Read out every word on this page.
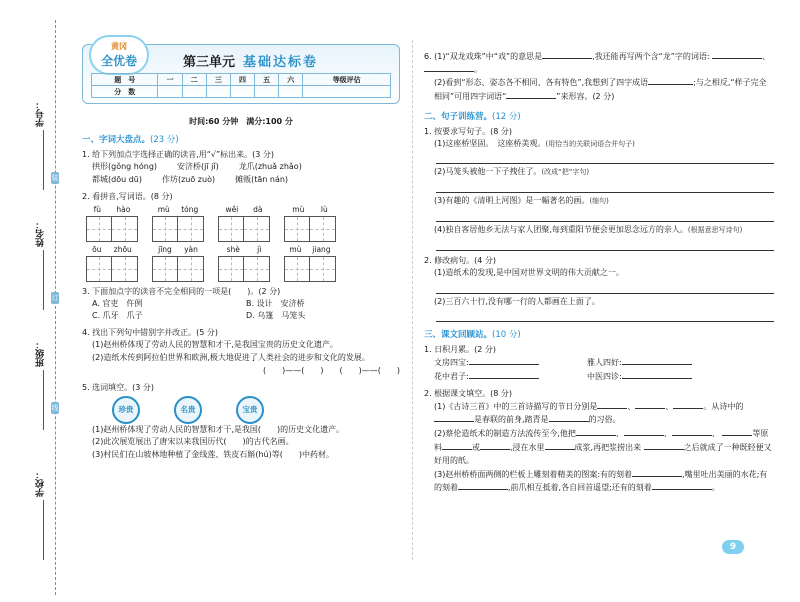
学号：
姓名：
班级：
学校：
装
订
线
黄冈
全优卷	第三单元 基础达标卷
题　号	一	二	三	四	五	六	等级评估
分　数							
时间:60 分钟　满分:100 分
一、字词大盘点。(23 分)
1. 给下列加点字选择正确的读音,用“√”标出来。(3 分)
拱形(gǒng hóng)	安济桥(jī jǐ)	龙爪(zhuǎ zhǎo)
都城(dōu dū)	作坊(zuō zuò)	摊贩(tān nán)
2. 看拼音,写词语。(8 分)
fù hào	mù tóng	wěi dà	mù lù
ōu zhōu	jīng yàn	shè jì	mù jiang
3. 下面加点字的读音不完全相同的一项是(　　)。(2 分)
A. 官吏　仵例	B. 设计　安济桥
C. 爪牙　爪子	D. 乌篷　马笼头
4. 找出下列句中错别字并改正。(5 分)
(1)赵州桥体现了劳动人民的智慧和才干,是我国宝贵的历史文化遗产。
(2)造纸术传到阿拉伯世界和欧洲,极大地促进了人类社会的进步和文化的发展。
(　　)——(　　)　　(　　)——(　　)
5. 选词填空。(3 分)
珍贵	名贵	宝贵
(1)赵州桥体现了劳动人民的智慧和才干,是我国(　　)的历史文化遗产。
(2)此次展览展出了唐宋以来我国历代(　　)的古代名画。
(3)村民们在山坡林地种植了金线莲、铁皮石斛(hú)等(　　)中药材。
6. (1)“双龙戏珠”中“戏”的意思是	,我还能再写两个含“龙”字的词语:	、。
(2)看到“形态、姿态各不相同、各有特色”,我想到了四字成语	;与之相反,“样子完全相同”可用四字词语“	”来形容。(2 分)
二、句子训练营。(12 分)
1. 按要求写句子。(8 分)
(1)这座桥坚固。　这座桥美观。(用恰当的关联词语合并句子)
(2)马笼头被他一下子拽住了。(改成“把”字句)
(3)有趣的《清明上河图》是一幅著名的画。(缩句)
(4)独自客居他乡无法与家人团聚,每到重阳节便会更加思念远方的亲人。(根据意思写诗句)
2. 修改病句。(4 分)
(1)造纸术的发现,是中国对世界文明的伟大贡献之一。
(2)三百六十行,没有哪一行的人都画在上面了。
三、课文回顾站。(10 分)
1. 日积月累。(2 分)
文房四宝:	雅人四好:
花中君子:	中医四诊:
2. 根据课文填空。(8 分)
(1)《古诗三首》中的三首诗描写的节日分别是	、	、	。从诗中的 是春联的前身,踏青是	的习俗。
(2)蔡伦造纸术的制造方法流传至今,他把	、	、	、	等原料	或	,浸在水里	成浆,再把浆捞出来	之后就成了一种既轻便又好用的纸。
(3)赵州桥桥面两侧的栏板上雕刻着精美的图案:有的刻着	,嘴里吐出美丽的水花;有的刻着	,前爪相互抵着,各自回首遥望;还有的刻着	。
9
